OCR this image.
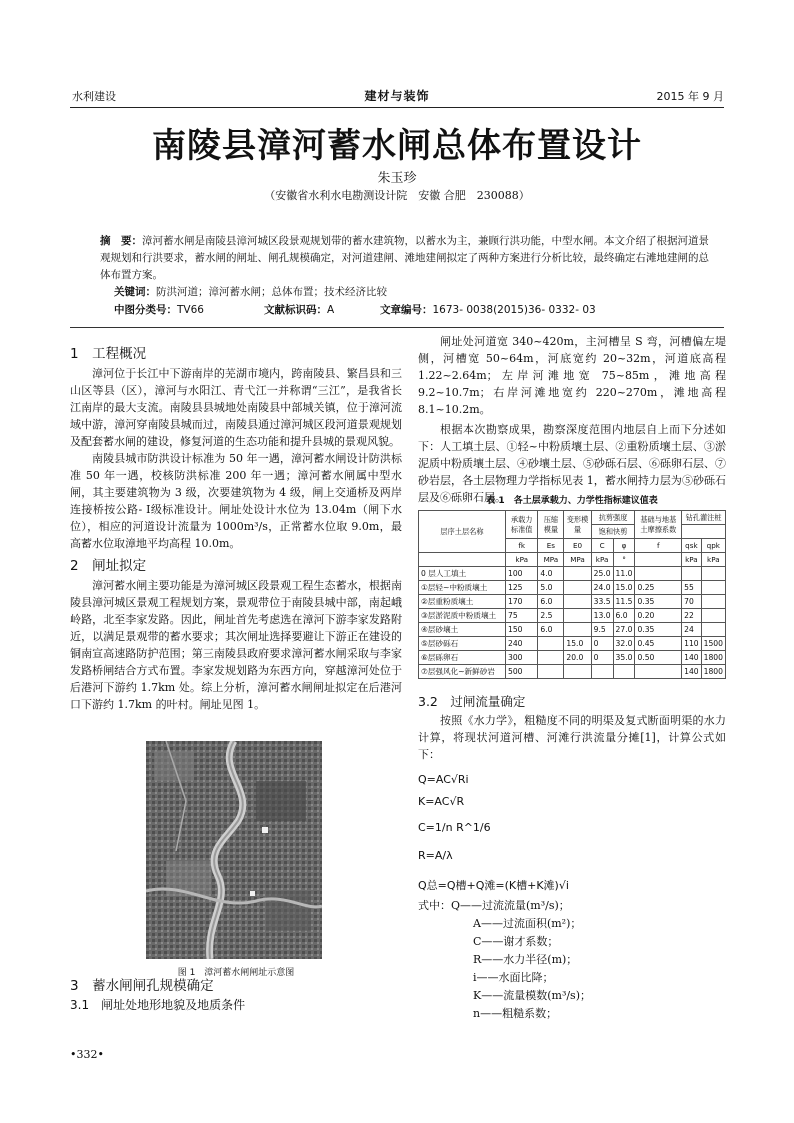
水利建设	建材与装饰	2015 年 9 月
南陵县漳河蓄水闸总体布置设计
朱玉珍
（安徽省水利水电勘测设计院　安徽 合肥　230088）
摘　要：漳河蓄水闸是南陵县漳河城区段景观规划带的蓄水建筑物，以蓄水为主，兼顾行洪功能，中型水闸。本文介绍了根据河道景观规划和行洪要求，蓄水闸的闸址、闸孔规模确定，对河道建闸、滩地建闸拟定了两种方案进行分析比较，最终确定右滩地建闸的总体布置方案。
关键词：防洪河道；漳河蓄水闸；总体布置；技术经济比较
中图分类号：TV66	文献标识码：A	文章编号：1673- 0038(2015)36- 0332- 03
1　工程概况

漳河位于长江中下游南岸的芜湖市境内，跨南陵县、繁昌县和三山区等县（区），漳河与水阳江、青弋江一并称谓“三江”，是我省长江南岸的最大支流。南陵县县城地处南陵县中部城关镇，位于漳河流域中游，漳河穿南陵县城而过，南陵县通过漳河城区段河道景观规划及配套蓄水闸的建设，修复河道的生态功能和提升县城的景观风貌。

南陵县城市防洪设计标准为 50 年一遇，漳河蓄水闸设计防洪标准 50 年一遇，校核防洪标准 200 年一遇；漳河蓄水闸属中型水闸，其主要建筑物为 3 级，次要建筑物为 4 级，闸上交通桥及两岸连接桥按公路- Ⅰ级标准设计。闸址处设计水位为 13.04m（闸下水位），相应的河道设计流量为 1000m³/s，正常蓄水位取 9.0m，最高蓄水位取漳地平均高程 10.0m。

2　闸址拟定

漳河蓄水闸主要功能是为漳河城区段景观工程生态蓄水，根据南陵县漳河城区景观工程规划方案，景观带位于南陵县城中部，南起峨岭路，北至李家发路。因此，闸址首先考虑选在漳河下游李家发路附近，以满足景观带的蓄水要求；其次闸址选择要避让下游正在建设的铜南宣高速路防护范围；第三南陵县政府要求漳河蓄水闸采取与李家发路桥闸结合方式布置。李家发规划路为东西方向，穿越漳河处位于后港河下游约 1.7km 处。综上分析，漳河蓄水闸闸址拟定在后港河口下游约 1.7km 的叶村。闸址见图 1。

图 1　漳河蓄水闸闸址示意图
3　蓄水闸闸孔规模确定
3.1　闸址处地形地貌及地质条件

闸址处河道宽 340~420m，主河槽呈 S 弯，河槽偏左堤侧，河槽宽 50~64m，河底宽约 20~32m，河道底高程 1.22~2.64m；左岸河滩地宽 75~85m，滩地高程 9.2~10.7m；右岸河滩地宽约 220~270m，滩地高程 8.1~10.2m。

根据本次勘察成果，勘察深度范围内地层自上而下分述如下：人工填土层、①轻~中粉质壤土层、②重粉质壤土层、③淤泥质中粉质壤土层、④砂壤土层、⑤砂砾石层、⑥砾卵石层、⑦砂岩层，各土层物理力学指标见表 1，蓄水闸持力层为⑤砂砾石层及⑥砾卵石层。

表 1　各土层承载力、力学性指标建议值表
层序土层名称	承载力标准值	压缩模量	变形模量	抗剪强度		基础与地基土摩擦系数	钻孔灌注桩	
				饱和快剪				
	fk	Es	E0	C	φ	f	qsk	qpk
	kPa	MPa	MPa	kPa	°		kPa	kPa
0 层人工填土	100	4.0		25.0	11.0			
①层轻~中粉质壤土	125	5.0		24.0	15.0	0.25	55	
②层重粉质壤土	170	6.0		33.5	11.5	0.35	70	
③层淤泥质中粉质壤土	75	2.5		13.0	6.0	0.20	22	
④层砂壤土	150	6.0		9.5	27.0	0.35	24	
⑤层砂砾石	240		15.0	0	32.0	0.45	110	1500
⑥层砾卵石	300		20.0	0	35.0	0.50	140	1800
⑦层强风化~新鲜砂岩	500						140	1800
3.2　过闸流量确定

按照《水力学》，粗糙度不同的明渠及复式断面明渠的水力计算，将现状河道河槽、河滩行洪流量分摊[1]，计算公式如下：

Q=AC√Ri
K=AC√R
C=1/n R^1/6
R=A/λ
Q总=Q槽+Q滩=(K槽+K滩)√i
式中：Q——过流流量(m³/s)；
A——过流面积(m²)；
C——谢才系数；
R——水力半径(m)；
i——水面比降；
K——流量模数(m³/s)；
n——粗糙系数；
•332•
